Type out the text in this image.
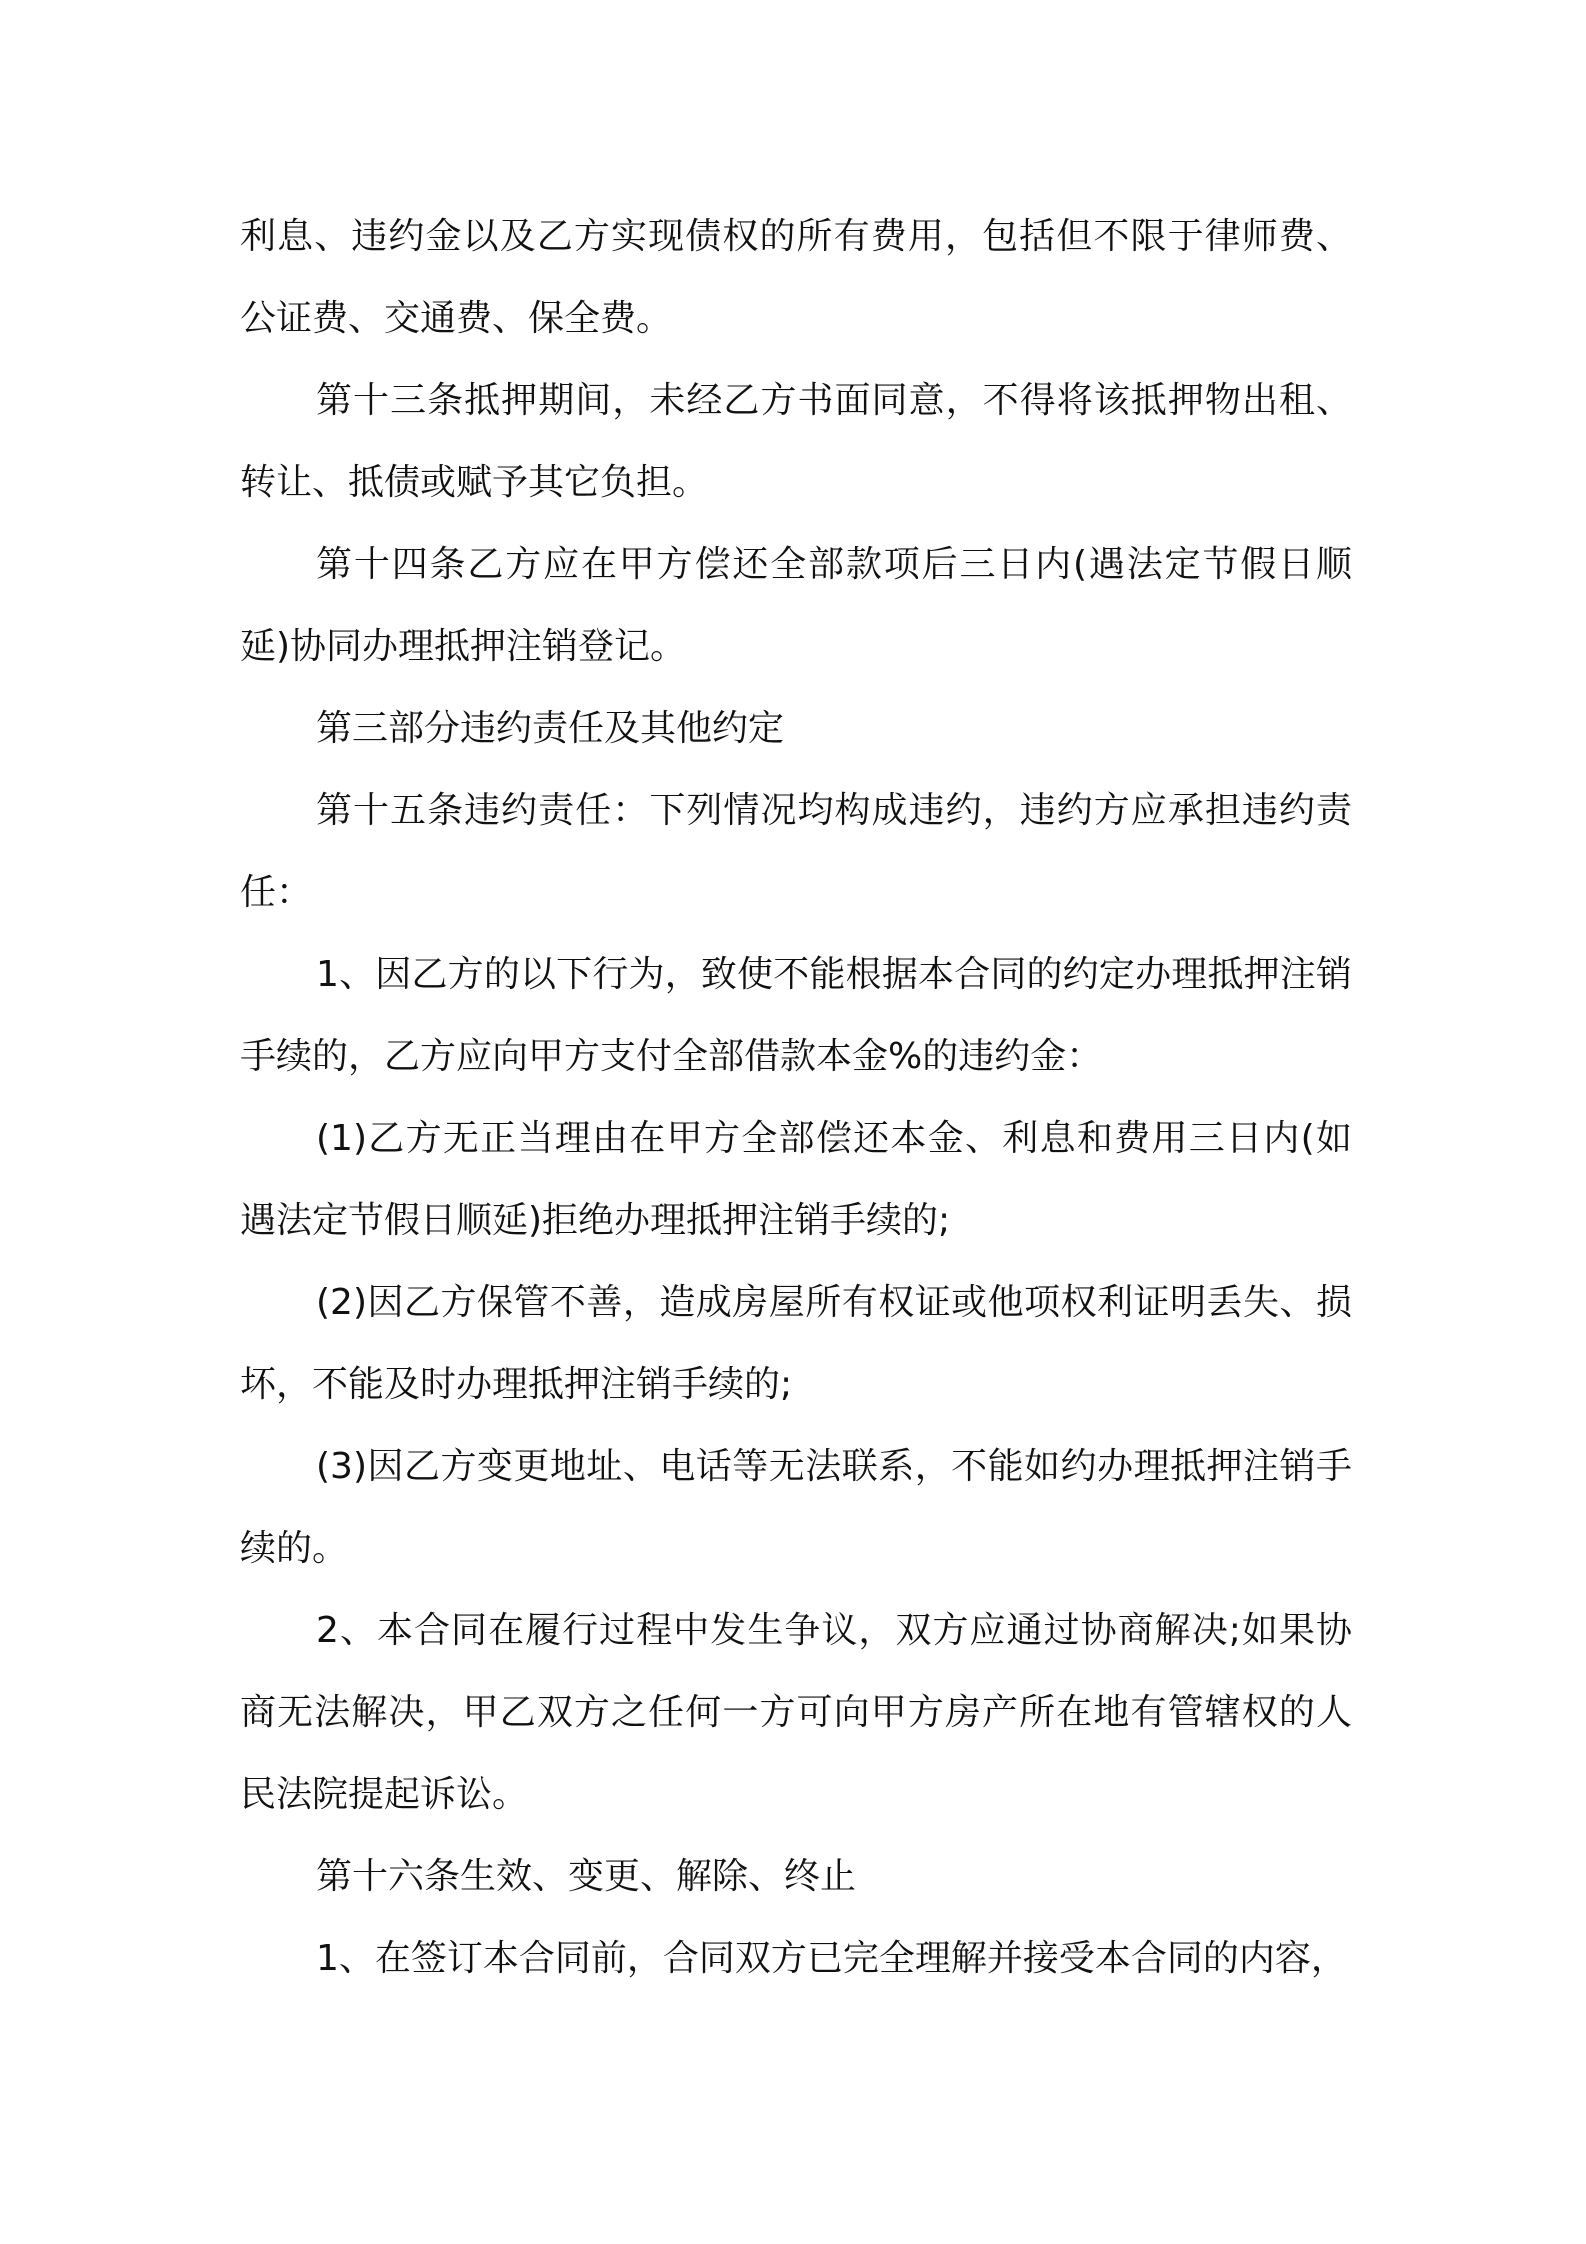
利息、违约金以及乙方实现债权的所有费用，包括但不限于律师费、公证费、交通费、保全费。

第十三条抵押期间，未经乙方书面同意，不得将该抵押物出租、转让、抵债或赋予其它负担。

第十四条乙方应在甲方偿还全部款项后三日内(遇法定节假日顺延)协同办理抵押注销登记。

第三部分违约责任及其他约定

第十五条违约责任：下列情况均构成违约，违约方应承担违约责任：

1、因乙方的以下行为，致使不能根据本合同的约定办理抵押注销手续的，乙方应向甲方支付全部借款本金%的违约金：

(1)乙方无正当理由在甲方全部偿还本金、利息和费用三日内(如遇法定节假日顺延)拒绝办理抵押注销手续的;

(2)因乙方保管不善，造成房屋所有权证或他项权利证明丢失、损坏，不能及时办理抵押注销手续的;

(3)因乙方变更地址、电话等无法联系，不能如约办理抵押注销手续的。

2、本合同在履行过程中发生争议，双方应通过协商解决;如果协商无法解决，甲乙双方之任何一方可向甲方房产所在地有管辖权的人民法院提起诉讼。

第十六条生效、变更、解除、终止

1、在签订本合同前，合同双方已完全理解并接受本合同的内容，
